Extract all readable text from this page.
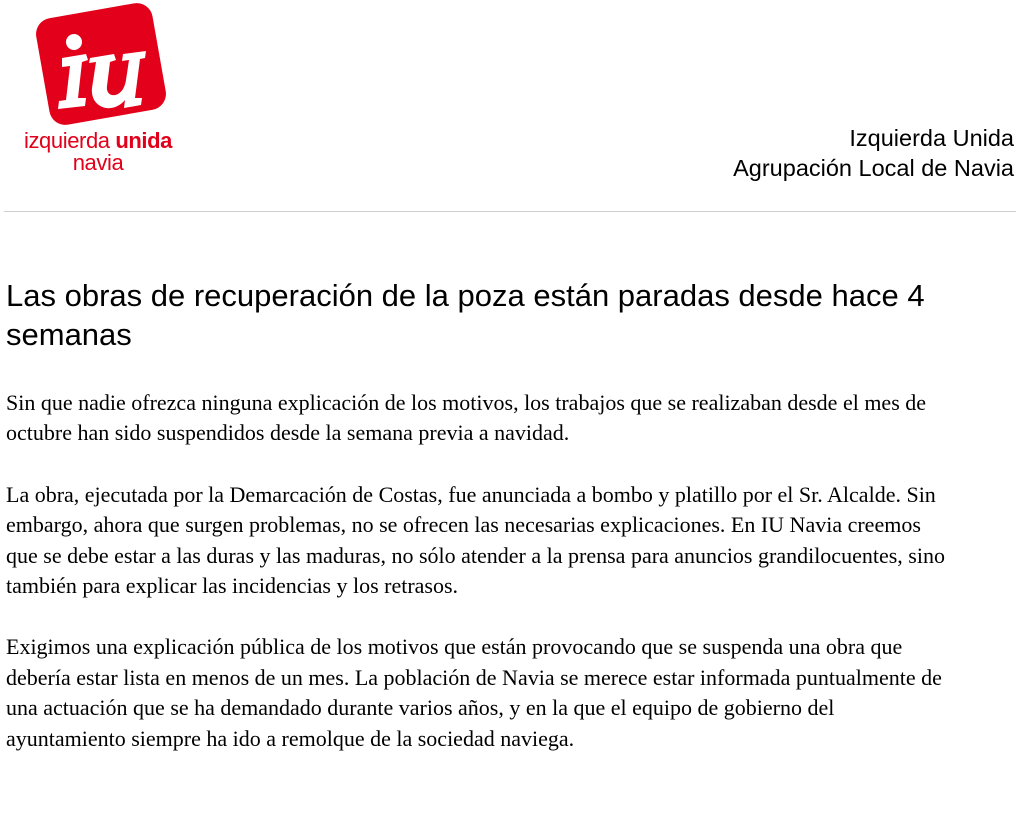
izquierda unida
navia
Izquierda Unida
Agrupación Local de Navia
Las obras de recuperación de la poza están paradas desde hace 4 semanas

Sin que nadie ofrezca ninguna explicación de los motivos, los trabajos que se realizaban desde el mes de octubre han sido suspendidos desde la semana previa a navidad.

La obra, ejecutada por la Demarcación de Costas, fue anunciada a bombo y platillo por el Sr. Alcalde. Sin embargo, ahora que surgen problemas, no se ofrecen las necesarias explicaciones. En IU Navia creemos que se debe estar a las duras y las maduras, no sólo atender a la prensa para anuncios grandilocuentes, sino también para explicar las incidencias y los retrasos.

Exigimos una explicación pública de los motivos que están provocando que se suspenda una obra que debería estar lista en menos de un mes. La población de Navia se merece estar informada puntualmente de una actuación que se ha demandado durante varios años, y en la que el equipo de gobierno del ayuntamiento siempre ha ido a remolque de la sociedad naviega.
